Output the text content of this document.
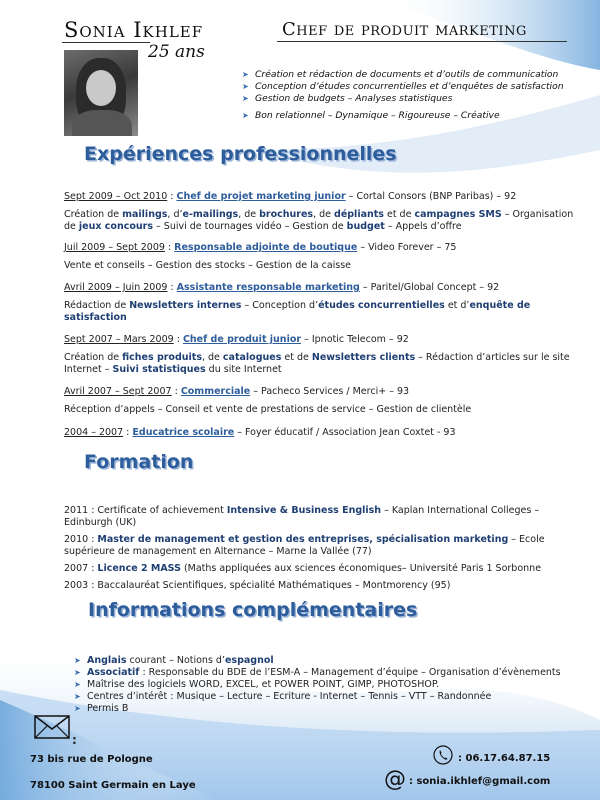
Sonia Ikhlef
25 ans
Chef de produit marketing
➤ Création et rédaction de documents et d’outils de communication
➤ Conception d’études concurrentielles et d’enquêtes de satisfaction
➤ Gestion de budgets – Analyses statistiques
➤ Bon relationnel – Dynamique – Rigoureuse – Créative
Expériences professionnelles
Sept 2009 – Oct 2010 : Chef de projet marketing junior – Cortal Consors (BNP Paribas) – 92
Création de mailings, d’e-mailings, de brochures, de dépliants et de campagnes SMS – Organisation de jeux concours – Suivi de tournages vidéo – Gestion de budget – Appels d’offre
Juil 2009 – Sept 2009 : Responsable adjointe de boutique – Video Forever – 75
Vente et conseils – Gestion des stocks – Gestion de la caisse
Avril 2009 – Juin 2009 : Assistante responsable marketing – Paritel/Global Concept – 92
Rédaction de Newsletters internes – Conception d’études concurrentielles et d’enquête de satisfaction
Sept 2007 – Mars 2009 : Chef de produit junior – Ipnotic Telecom – 92
Création de fiches produits, de catalogues et de Newsletters clients – Rédaction d’articles sur le site Internet – Suivi statistiques du site Internet
Avril 2007 – Sept 2007 : Commerciale – Pacheco Services / Merci+ – 93
Réception d’appels – Conseil et vente de prestations de service – Gestion de clientèle
2004 – 2007 : Educatrice scolaire – Foyer éducatif / Association Jean Coxtet - 93
Formation
2011 : Certificate of achievement Intensive & Business English – Kaplan International Colleges – Edinburgh (UK)
2010 : Master de management et gestion des entreprises, spécialisation marketing – Ecole supérieure de management en Alternance – Marne la Vallée (77)
2007 : Licence 2 MASS (Maths appliquées aux sciences économiques– Université Paris 1 Sorbonne
2003 : Baccalauréat Scientifiques, spécialité Mathématiques – Montmorency (95)
Informations complémentaires
➤ Anglais courant – Notions d’espagnol
➤ Associatif : Responsable du BDE de l’ESM-A – Management d’équipe – Organisation d’évènements
➤ Maîtrise des logiciels WORD, EXCEL, et POWER POINT, GIMP, PHOTOSHOP.
➤ Centres d’intérêt : Musique – Lecture – Ecriture - Internet – Tennis – VTT – Randonnée
➤ Permis B
:
73 bis rue de Pologne
78100 Saint Germain en Laye
: 06.17.64.87.15
@ : sonia.ikhlef@gmail.com
